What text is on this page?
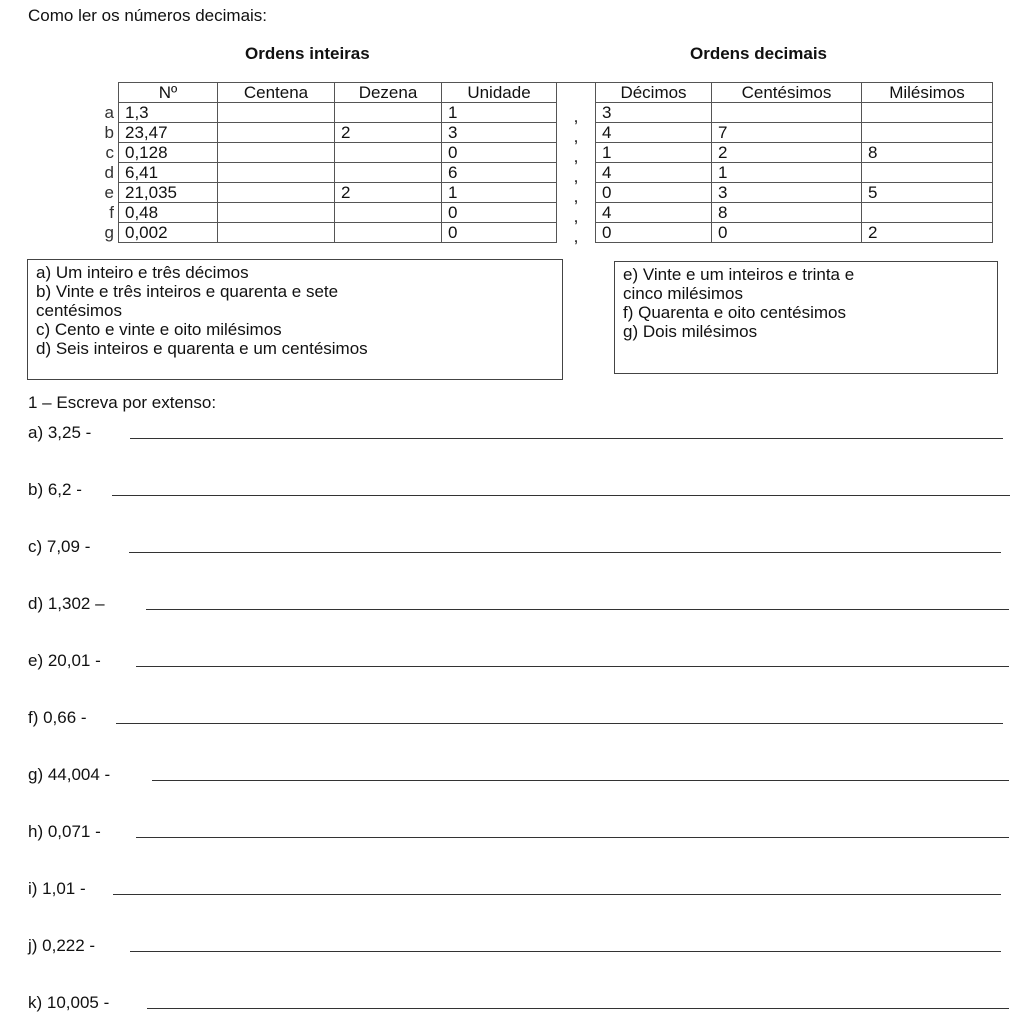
Como ler os números decimais:
Ordens inteiras	Ordens decimais
	Nº	Centena	Dezena	Unidade		Décimos	Centésimos	Milésimos
a	1,3			1	,	3		
b	23,47		2	3	,	4	7	
c	0,128			0	,	1	2	8
d	6,41			6	,	4	1	
e	21,035		2	1	,	0	3	5
f	0,48			0	,	4	8	
g	0,002			0	,	0	0	2
a) Um inteiro e três décimos
b) Vinte e três inteiros e quarenta e sete
centésimos
c) Cento e vinte e oito milésimos
d) Seis inteiros e quarenta e um centésimos
e) Vinte e um inteiros e trinta e
cinco milésimos
f) Quarenta e oito centésimos
g) Dois milésimos
1 – Escreva por extenso:
a) 3,25 -
b) 6,2 -
c) 7,09 -
d) 1,302 –
e) 20,01 -
f) 0,66 -
g) 44,004 -
h) 0,071 -
i) 1,01 -
j) 0,222 -
k) 10,005 -
